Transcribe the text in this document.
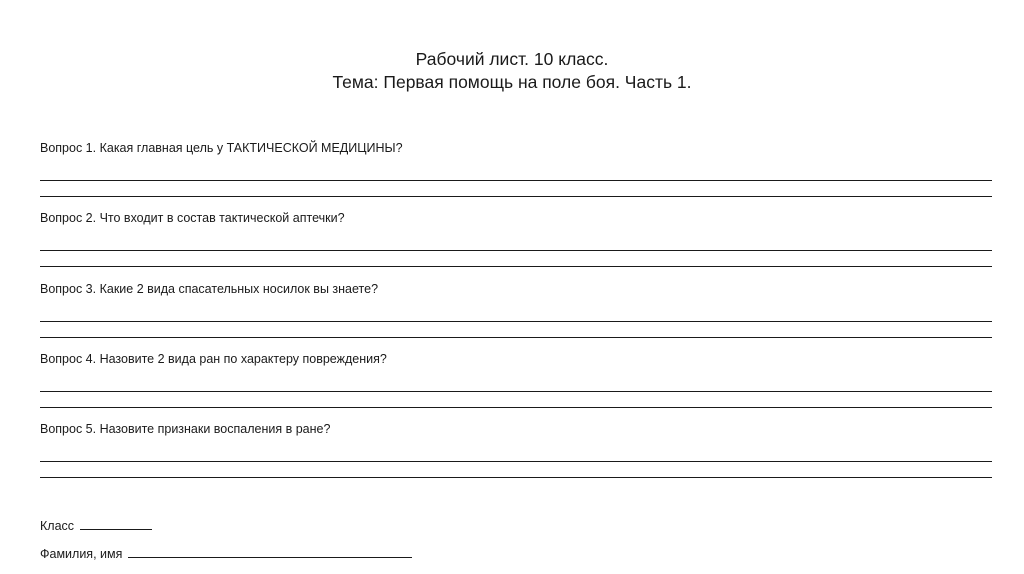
Рабочий лист. 10 класс.
Тема: Первая помощь на поле боя. Часть 1.
Вопрос 1. Какая главная цель у ТАКТИЧЕСКОЙ МЕДИЦИНЫ?
Вопрос 2. Что входит в состав тактической аптечки?
Вопрос 3. Какие 2 вида спасательных носилок вы знаете?
Вопрос 4. Назовите 2 вида ран по характеру повреждения?
Вопрос 5. Назовите признаки воспаления в ране?
Класс
Фамилия, имя
